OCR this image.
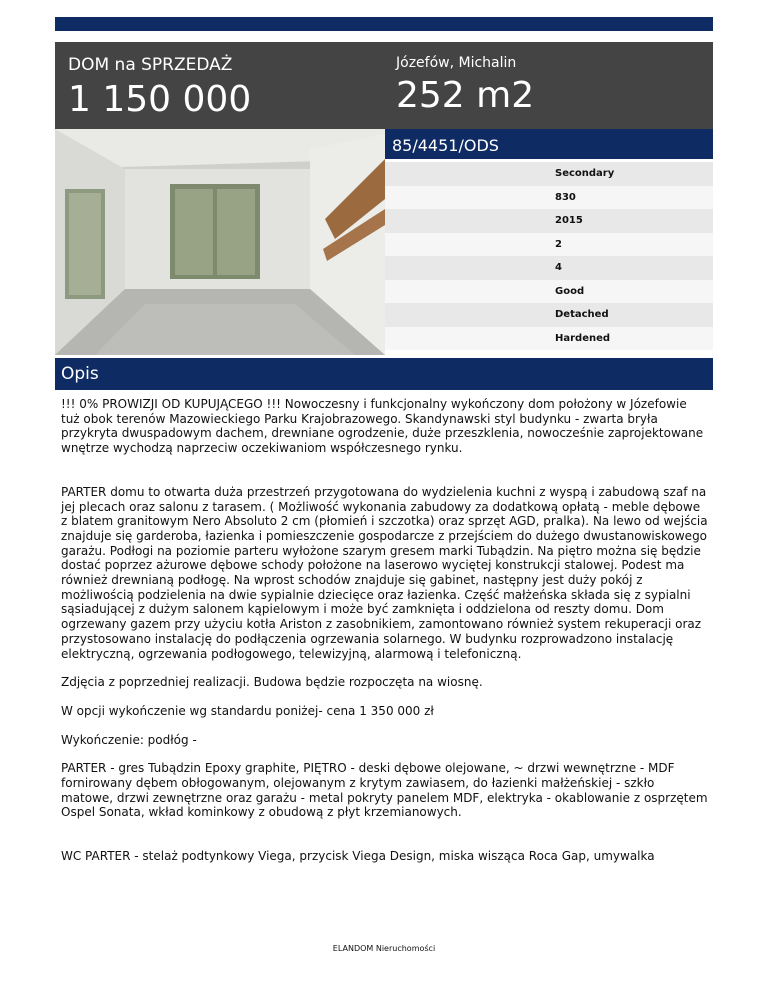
DOM na SPRZEDAŻ
1 150 000
Józefów, Michalin
252 m2
85/4451/ODS
Secondary
830
2015
2
4
Good
Detached
Hardened
Opis

!!! 0% PROWIZJI OD KUPUJĄCEGO !!! Nowoczesny i funkcjonalny wykończony dom położony w Józefowie tuż obok terenów Mazowieckiego Parku Krajobrazowego. Skandynawski styl budynku - zwarta bryła przykryta dwuspadowym dachem, drewniane ogrodzenie, duże przeszklenia, nowocześnie zaprojektowane wnętrze wychodzą naprzeciw oczekiwaniom współczesnego rynku.

PARTER domu to otwarta duża przestrzeń przygotowana do wydzielenia kuchni z wyspą i zabudową szaf na jej plecach oraz salonu z tarasem. ( Możliwość wykonania zabudowy za dodatkową opłatą - meble dębowe z blatem granitowym Nero Absoluto 2 cm (płomień i szczotka) oraz sprzęt AGD, pralka). Na lewo od wejścia znajduje się garderoba, łazienka i pomieszczenie gospodarcze z przejściem do dużego dwustanowiskowego garażu. Podłogi na poziomie parteru wyłożone szarym gresem marki Tubądzin. Na piętro można się będzie dostać poprzez ażurowe dębowe schody położone na laserowo wyciętej konstrukcji stalowej. Podest ma również drewnianą podłogę. Na wprost schodów znajduje się gabinet, następny jest duży pokój z możliwością podzielenia na dwie sypialnie dziecięce oraz łazienka. Część małżeńska składa się z sypialni sąsiadującej z dużym salonem kąpielowym i może być zamknięta i oddzielona od reszty domu. Dom ogrzewany gazem przy użyciu kotła Ariston z zasobnikiem, zamontowano również system rekuperacji oraz przystosowano instalację do podłączenia ogrzewania solarnego. W budynku rozprowadzono instalację elektryczną, ogrzewania podłogowego, telewizyjną, alarmową i telefoniczną.

Zdjęcia z poprzedniej realizacji. Budowa będzie rozpoczęta na wiosnę.

W opcji wykończenie wg standardu poniżej- cena 1 350 000 zł

Wykończenie: podłóg -

PARTER - gres Tubądzin Epoxy graphite, PIĘTRO - deski dębowe olejowane, ~ drzwi wewnętrzne - MDF fornirowany dębem obłogowanym, olejowanym z krytym zawiasem, do łazienki małżeńskiej - szkło matowe, drzwi zewnętrzne oraz garażu - metal pokryty panelem MDF, elektryka - okablowanie z osprzętem Ospel Sonata, wkład kominkowy z obudową z płyt krzemianowych.

WC PARTER - stelaż podtynkowy Viega, przycisk Viega Design, miska wisząca Roca Gap, umywalka

ELANDOM Nieruchomości
